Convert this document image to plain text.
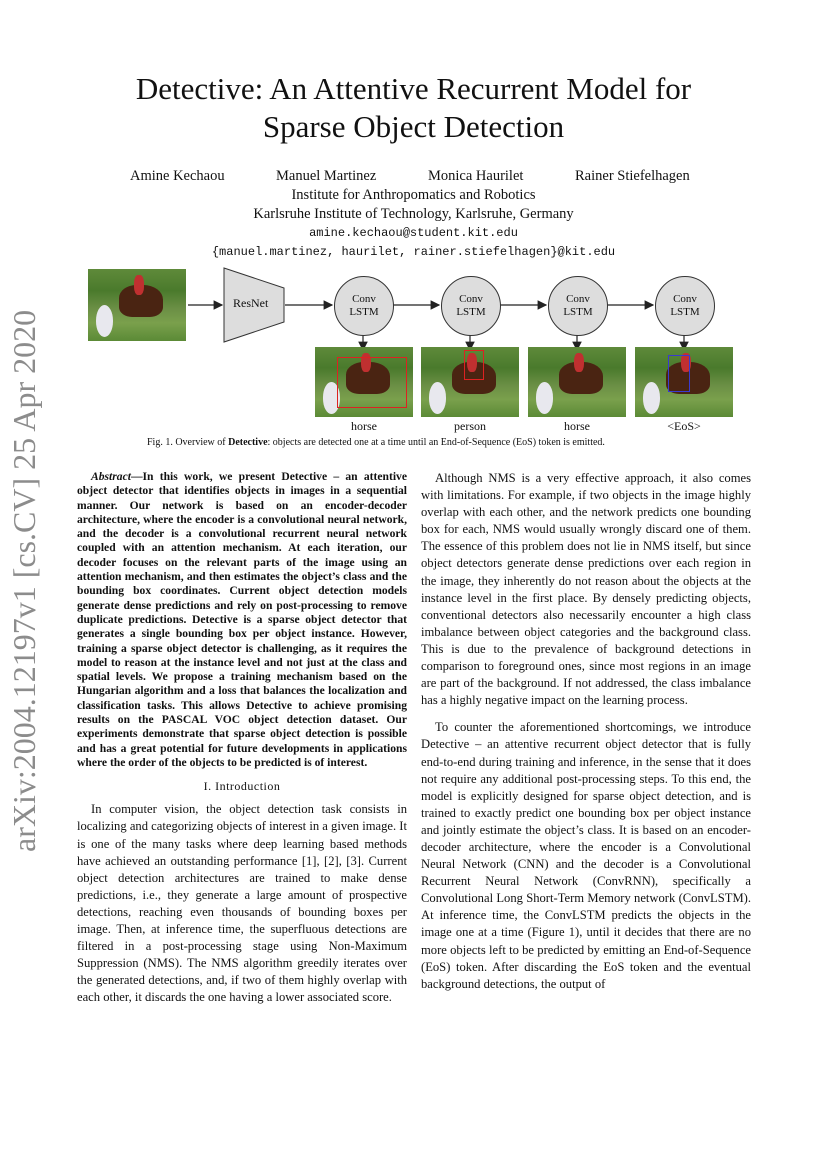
arXiv:2004.12197v1 [cs.CV] 25 Apr 2020
Detective: An Attentive Recurrent Model for
Sparse Object Detection
Amine Kechaou	Manuel Martinez	Monica Haurilet	Rainer Stiefelhagen
Institute for Anthropomatics and Robotics
Karlsruhe Institute of Technology, Karlsruhe, Germany
amine.kechaou@student.kit.edu
{manuel.martinez, haurilet, rainer.stiefelhagen}@kit.edu
ResNet	Conv
LSTM
Conv
LSTM
Conv
LSTM
Conv
LSTM
horse	person	horse	<EoS>
Fig. 1. Overview of Detective: objects are detected one at a time until an End-of-Sequence (EoS) token is emitted.

Abstract—In this work, we present Detective – an attentive object detector that identifies objects in images in a sequential manner. Our network is based on an encoder-decoder architecture, where the encoder is a convolutional neural network, and the decoder is a convolutional recurrent neural network coupled with an attention mechanism. At each iteration, our decoder focuses on the relevant parts of the image using an attention mechanism, and then estimates the object’s class and the bounding box coordinates. Current object detection models generate dense predictions and rely on post-processing to remove duplicate predictions. Detective is a sparse object detector that generates a single bounding box per object instance. However, training a sparse object detector is challenging, as it requires the model to reason at the instance level and not just at the class and spatial levels. We propose a training mechanism based on the Hungarian algorithm and a loss that balances the localization and classification tasks. This allows Detective to achieve promising results on the PASCAL VOC object detection dataset. Our experiments demonstrate that sparse object detection is possible and has a great potential for future developments in applications where the order of the objects to be predicted is of interest.

I. Introduction

In computer vision, the object detection task consists in localizing and categorizing objects of interest in a given image. It is one of the many tasks where deep learning based methods have achieved an outstanding performance [1], [2], [3]. Current object detection architectures are trained to make dense predictions, i.e., they generate a large amount of prospective detections, reaching even thousands of bounding boxes per image. Then, at inference time, the superfluous detections are filtered in a post-processing stage using Non-Maximum Suppression (NMS). The NMS algorithm greedily iterates over the generated detections, and, if two of them highly overlap with each other, it discards the one having a lower associated score.

Although NMS is a very effective approach, it also comes with limitations. For example, if two objects in the image highly overlap with each other, and the network predicts one bounding box for each, NMS would usually wrongly discard one of them. The essence of this problem does not lie in NMS itself, but since object detectors generate dense predictions over each region in the image, they inherently do not reason about the objects at the instance level in the first place. By densely predicting objects, conventional detectors also necessarily encounter a high class imbalance between object categories and the background class. This is due to the prevalence of background detections in comparison to foreground ones, since most regions in an image are part of the background. If not addressed, the class imbalance has a highly negative impact on the learning process.

To counter the aforementioned shortcomings, we introduce Detective – an attentive recurrent object detector that is fully end-to-end during training and inference, in the sense that it does not require any additional post-processing steps. To this end, the model is explicitly designed for sparse object detection, and is trained to exactly predict one bounding box per object instance and jointly estimate the object’s class. It is based on an encoder-decoder architecture, where the encoder is a Convolutional Neural Network (CNN) and the decoder is a Convolutional Recurrent Neural Network (ConvRNN), specifically a Convolutional Long Short-Term Memory network (ConvLSTM). At inference time, the ConvLSTM predicts the objects in the image one at a time (Figure 1), until it decides that there are no more objects left to be predicted by emitting an End-of-Sequence (EoS) token. After discarding the EoS token and the eventual background detections, the output of
